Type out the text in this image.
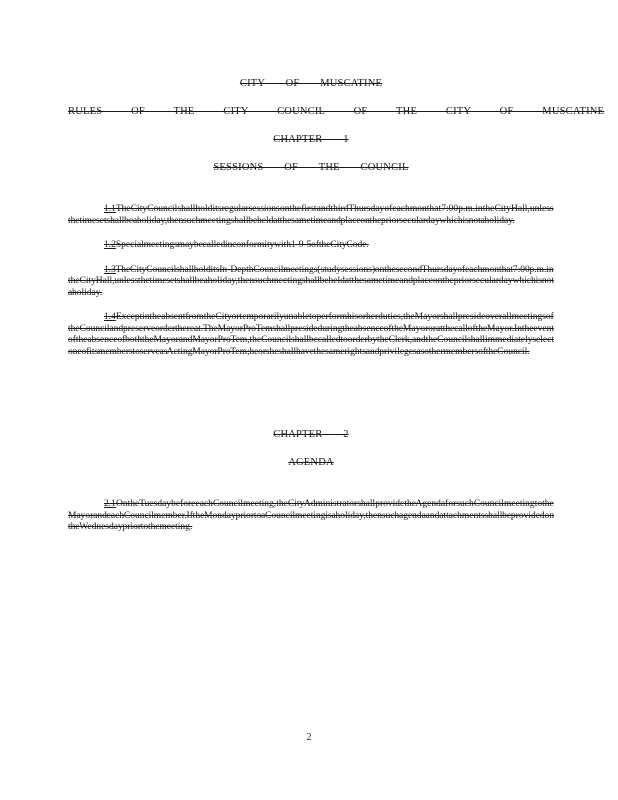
CITY OF MUSCATINE
RULES OF THE CITY COUNCIL OF THE CITY OF MUSCATINE
CHAPTER 1
SESSIONS OF THE COUNCIL

1.1 The City Council shall hold its regular sessions on the first and third Thursday of each month at 7:00 p.m. in the City Hall, unless the time set shall be a holiday, then such meeting shall be held at the same time and place on the prior secular day which is not a holiday.

1.2 Special meetings may be called in conformity with 1-9-5 of the City Code.

1.3 The City Council shall hold its In-Depth Council meetings (study sessions) on the second Thursday of each month at 7:00 p.m. in the City Hall, unless the time set shall be a holiday, then such meeting shall be held at the same time and place on the prior secular day which is not a holiday.

1.4 Except in the absent from the City or temporarily unable to perform his or her duties, the Mayor shall preside over all meetings of the Council and preserve order thereat. The Mayor Pro Tem shall preside during the absence of the Mayor or at the call of the Mayor. In the event of the absence of both the Mayor and Mayor Pro Tem, the Council shall be called to order by the Clerk, and the Council shall immediately select one of its members to serve as Acting Mayor Pro Tem; he or she shall have the same rights and privileges as other members of the Council.

CHAPTER 2
AGENDA

2.1 On the Tuesday before each Council meeting, the City Administrator shall provide the Agenda for such Council meeting to the Mayor and each Council member. If the Monday prior to a Council meeting is a holiday, then such agenda and attachments shall be provided on the Wednesday prior to the meeting.

2
